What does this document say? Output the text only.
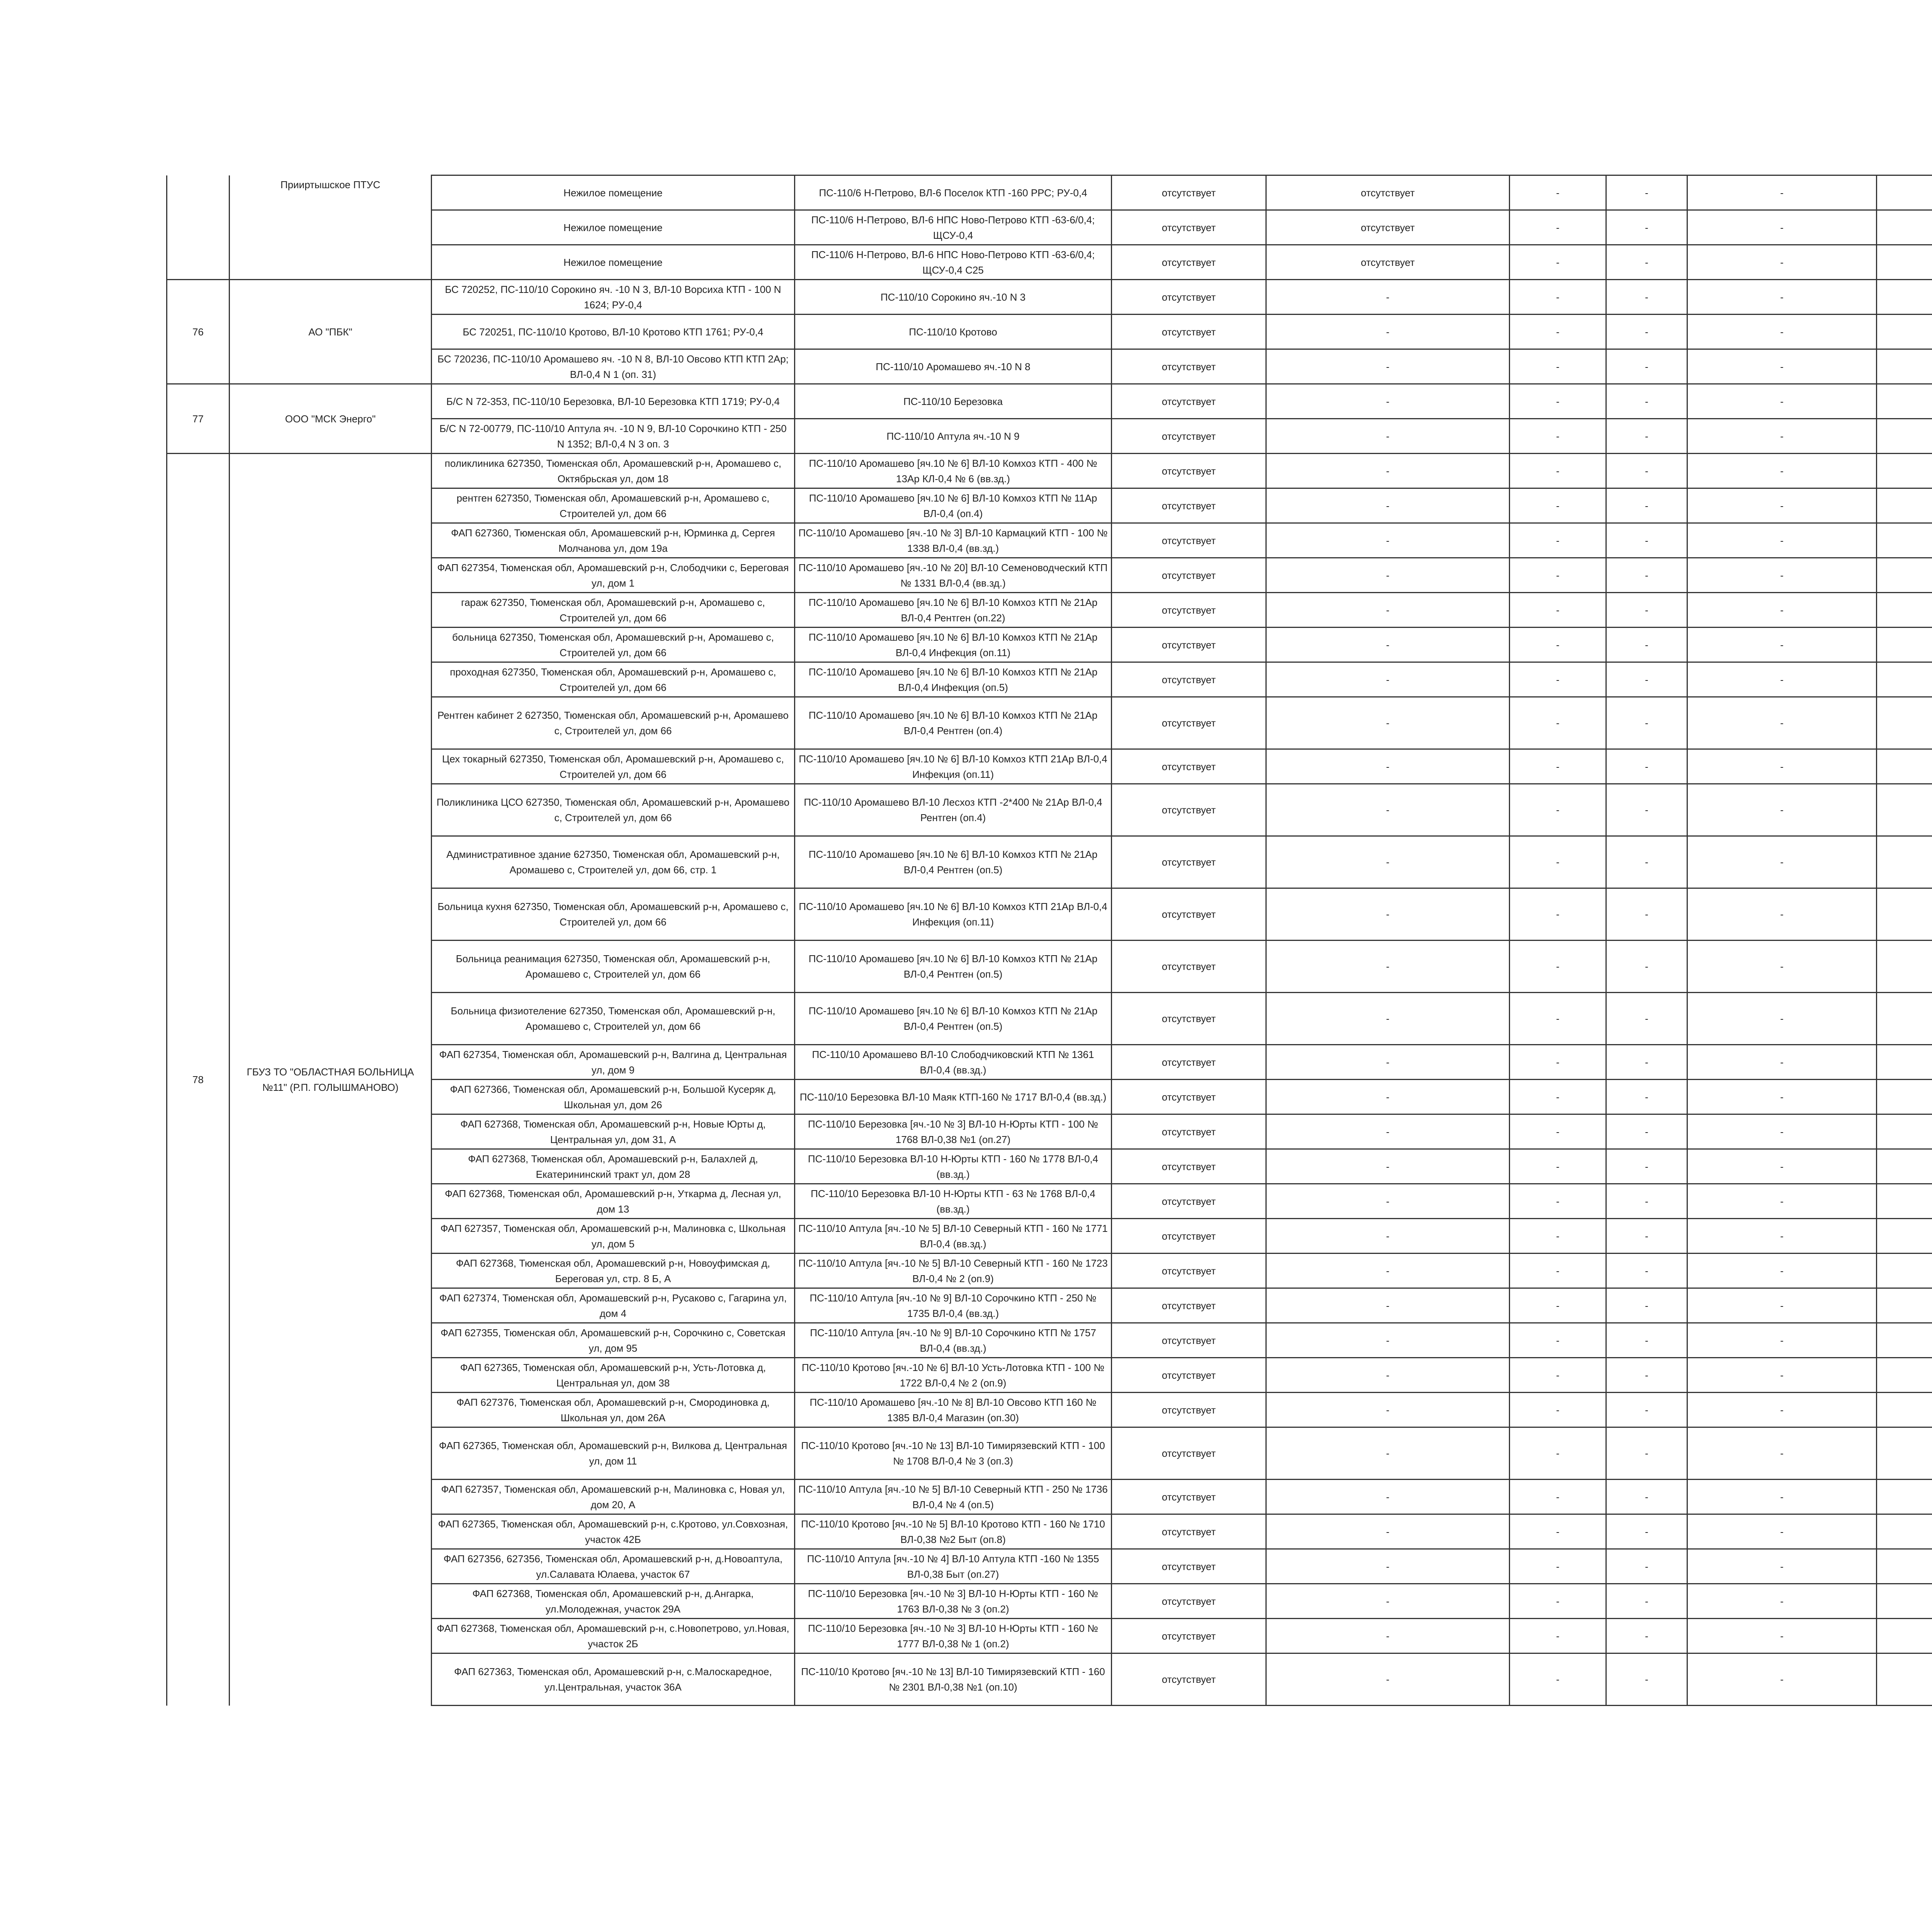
	Прииртышское ПТУС	Нежилое помещение	ПС-110/6 Н-Петрово, ВЛ-6 Поселок КТП -160 РРС; РУ-0,4	отсутствует	отсутствует	-	-	-		
		Нежилое помещение	ПС-110/6 Н-Петрово, ВЛ-6 НПС Ново-Петрово КТП -63-6/0,4; ЩСУ-0,4	отсутствует	отсутствует	-	-	-		
		Нежилое помещение	ПС-110/6 Н-Петрово, ВЛ-6 НПС Ново-Петрово КТП -63-6/0,4; ЩСУ-0,4 С25	отсутствует	отсутствует	-	-	-		
76	АО "ПБК"	БС 720252, ПС-110/10 Сорокино яч. -10 N 3, ВЛ-10 Ворсиха КТП - 100 N 1624; РУ-0,4	ПС-110/10 Сорокино яч.-10 N 3	отсутствует	-	-	-	-		
		БС 720251, ПС-110/10 Кротово, ВЛ-10 Кротово КТП 1761; РУ-0,4	ПС-110/10 Кротово	отсутствует	-	-	-	-		
		БС 720236, ПС-110/10 Аромашево яч. -10 N 8, ВЛ-10 Овсово КТП КТП 2Ар; ВЛ-0,4 N 1 (оп. 31)	ПС-110/10 Аромашево яч.-10 N 8	отсутствует	-	-	-	-		
77	ООО "МСК Энерго"	Б/С N 72-353, ПС-110/10 Березовка, ВЛ-10 Березовка КТП 1719; РУ-0,4	ПС-110/10 Березовка	отсутствует	-	-	-	-		
		Б/С N 72-00779, ПС-110/10 Аптула яч. -10 N 9, ВЛ-10 Сорочкино КТП - 250 N 1352; ВЛ-0,4 N 3 оп. 3	ПС-110/10 Аптула яч.-10 N 9	отсутствует	-	-	-	-		
78	ГБУЗ ТО "ОБЛАСТНАЯ БОЛЬНИЦА №11" (Р.П. ГОЛЫШМАНОВО)	поликлиника 627350, Тюменская обл, Аромашевский р-н, Аромашево с, Октябрьская ул, дом 18	ПС-110/10 Аромашево [яч.10 № 6] ВЛ-10 Комхоз КТП - 400 № 13Ар КЛ-0,4 № 6 (вв.зд.)	отсутствует	-	-	-	-		
		рентген 627350, Тюменская обл, Аромашевский р-н, Аромашево с, Строителей ул, дом 66	ПС-110/10 Аромашево [яч.10 № 6] ВЛ-10 Комхоз КТП № 11Ар ВЛ-0,4 (оп.4)	отсутствует	-	-	-	-		
		ФАП 627360, Тюменская обл, Аромашевский р-н, Юрминка д, Сергея Молчанова ул, дом 19а	ПС-110/10 Аромашево [яч.-10 № 3] ВЛ-10 Кармацкий КТП - 100 № 1338 ВЛ-0,4 (вв.зд.)	отсутствует	-	-	-	-		
		ФАП 627354, Тюменская обл, Аромашевский р-н, Слободчики с, Береговая ул, дом 1	ПС-110/10 Аромашево [яч.-10 № 20] ВЛ-10 Семеноводческий КТП № 1331 ВЛ-0,4 (вв.зд.)	отсутствует	-	-	-	-		
		гараж 627350, Тюменская обл, Аромашевский р-н, Аромашево с, Строителей ул, дом 66	ПС-110/10 Аромашево [яч.10 № 6] ВЛ-10 Комхоз КТП № 21Ар ВЛ-0,4 Рентген (оп.22)	отсутствует	-	-	-	-		
		больница 627350, Тюменская обл, Аромашевский р-н, Аромашево с, Строителей ул, дом 66	ПС-110/10 Аромашево [яч.10 № 6] ВЛ-10 Комхоз КТП № 21Ар ВЛ-0,4 Инфекция (оп.11)	отсутствует	-	-	-	-		
		проходная 627350, Тюменская обл, Аромашевский р-н, Аромашево с, Строителей ул, дом 66	ПС-110/10 Аромашево [яч.10 № 6] ВЛ-10 Комхоз КТП № 21Ар ВЛ-0,4 Инфекция (оп.5)	отсутствует	-	-	-	-		
		Рентген кабинет 2 627350, Тюменская обл, Аромашевский р-н, Аромашево с, Строителей ул, дом 66	ПС-110/10 Аромашево [яч.10 № 6] ВЛ-10 Комхоз КТП № 21Ар ВЛ-0,4 Рентген (оп.4)	отсутствует	-	-	-	-		
		Цех токарный 627350, Тюменская обл, Аромашевский р-н, Аромашево с, Строителей ул, дом 66	ПС-110/10 Аромашево [яч.10 № 6] ВЛ-10 Комхоз КТП 21Ар ВЛ-0,4 Инфекция (оп.11)	отсутствует	-	-	-	-		
		Поликлиника ЦСО 627350, Тюменская обл, Аромашевский р-н, Аромашево с, Строителей ул, дом 66	ПС-110/10 Аромашево ВЛ-10 Лесхоз КТП -2*400 № 21Ар ВЛ-0,4 Рентген (оп.4)	отсутствует	-	-	-	-		
		Административное здание 627350, Тюменская обл, Аромашевский р-н, Аромашево с, Строителей ул, дом 66, стр. 1	ПС-110/10 Аромашево [яч.10 № 6] ВЛ-10 Комхоз КТП № 21Ар ВЛ-0,4 Рентген (оп.5)	отсутствует	-	-	-	-		
		Больница кухня 627350, Тюменская обл, Аромашевский р-н, Аромашево с, Строителей ул, дом 66	ПС-110/10 Аромашево [яч.10 № 6] ВЛ-10 Комхоз КТП 21Ар ВЛ-0,4 Инфекция (оп.11)	отсутствует	-	-	-	-		
		Больница реанимация 627350, Тюменская обл, Аромашевский р-н, Аромашево с, Строителей ул, дом 66	ПС-110/10 Аромашево [яч.10 № 6] ВЛ-10 Комхоз КТП № 21Ар ВЛ-0,4 Рентген (оп.5)	отсутствует	-	-	-	-		
		Больница физиотеление 627350, Тюменская обл, Аромашевский р-н, Аромашево с, Строителей ул, дом 66	ПС-110/10 Аромашево [яч.10 № 6] ВЛ-10 Комхоз КТП № 21Ар ВЛ-0,4 Рентген (оп.5)	отсутствует	-	-	-	-		
		ФАП 627354, Тюменская обл, Аромашевский р-н, Валгина д, Центральная ул, дом 9	ПС-110/10 Аромашево ВЛ-10 Слободчиковский КТП № 1361 ВЛ-0,4 (вв.зд.)	отсутствует	-	-	-	-		
		ФАП 627366, Тюменская обл, Аромашевский р-н, Большой Кусеряк д, Школьная ул, дом 26	ПС-110/10 Березовка ВЛ-10 Маяк КТП-160 № 1717 ВЛ-0,4 (вв.зд.)	отсутствует	-	-	-	-		
		ФАП 627368, Тюменская обл, Аромашевский р-н, Новые Юрты д, Центральная ул, дом 31, А	ПС-110/10 Березовка [яч.-10 № 3] ВЛ-10 Н-Юрты КТП - 100 № 1768 ВЛ-0,38 №1 (оп.27)	отсутствует	-	-	-	-		
		ФАП 627368, Тюменская обл, Аромашевский р-н, Балахлей д, Екатерининский тракт ул, дом 28	ПС-110/10 Березовка ВЛ-10 Н-Юрты КТП - 160 № 1778 ВЛ-0,4 (вв.зд.)	отсутствует	-	-	-	-		
		ФАП 627368, Тюменская обл, Аромашевский р-н, Уткарма д, Лесная ул, дом 13	ПС-110/10 Березовка ВЛ-10 Н-Юрты КТП - 63 № 1768 ВЛ-0,4 (вв.зд.)	отсутствует	-	-	-	-		
		ФАП 627357, Тюменская обл, Аромашевский р-н, Малиновка с, Школьная ул, дом 5	ПС-110/10 Аптула [яч.-10 № 5] ВЛ-10 Северный КТП - 160 № 1771 ВЛ-0,4 (вв.зд.)	отсутствует	-	-	-	-		
		ФАП 627368, Тюменская обл, Аромашевский р-н, Новоуфимская д, Береговая ул, стр. 8 Б, А	ПС-110/10 Аптула [яч.-10 № 5] ВЛ-10 Северный КТП - 160 № 1723 ВЛ-0,4 № 2 (оп.9)	отсутствует	-	-	-	-		
		ФАП 627374, Тюменская обл, Аромашевский р-н, Русаково с, Гагарина ул, дом 4	ПС-110/10 Аптула [яч.-10 № 9] ВЛ-10 Сорочкино КТП - 250 № 1735 ВЛ-0,4 (вв.зд.)	отсутствует	-	-	-	-		
		ФАП 627355, Тюменская обл, Аромашевский р-н, Сорочкино с, Советская ул, дом 95	ПС-110/10 Аптула [яч.-10 № 9] ВЛ-10 Сорочкино КТП № 1757 ВЛ-0,4 (вв.зд.)	отсутствует	-	-	-	-		
		ФАП 627365, Тюменская обл, Аромашевский р-н, Усть-Лотовка д, Центральная ул, дом 38	ПС-110/10 Кротово [яч.-10 № 6] ВЛ-10 Усть-Лотовка КТП - 100 № 1722 ВЛ-0,4 № 2 (оп.9)	отсутствует	-	-	-	-		
		ФАП 627376, Тюменская обл, Аромашевский р-н, Смородиновка д, Школьная ул, дом 26А	ПС-110/10 Аромашево [яч.-10 № 8] ВЛ-10 Овсово КТП 160 № 1385 ВЛ-0,4 Магазин (оп.30)	отсутствует	-	-	-	-		
		ФАП 627365, Тюменская обл, Аромашевский р-н, Вилкова д, Центральная ул, дом 11	ПС-110/10 Кротово [яч.-10 № 13] ВЛ-10 Тимирязевский КТП - 100 № 1708 ВЛ-0,4 № 3 (оп.3)	отсутствует	-	-	-	-		
		ФАП 627357, Тюменская обл, Аромашевский р-н, Малиновка с, Новая ул, дом 20, А	ПС-110/10 Аптула [яч.-10 № 5] ВЛ-10 Северный КТП - 250 № 1736 ВЛ-0,4 № 4 (оп.5)	отсутствует	-	-	-	-		
		ФАП 627365, Тюменская обл, Аромашевский р-н, с.Кротово, ул.Совхозная, участок 42Б	ПС-110/10 Кротово [яч.-10 № 5] ВЛ-10 Кротово КТП - 160 № 1710 ВЛ-0,38 №2 Быт (оп.8)	отсутствует	-	-	-	-		
		ФАП 627356, 627356, Тюменская обл, Аромашевский р-н, д.Новоаптула, ул.Салавата Юлаева, участок 67	ПС-110/10 Аптула [яч.-10 № 4] ВЛ-10 Аптула КТП -160 № 1355 ВЛ-0,38 Быт (оп.27)	отсутствует	-	-	-	-		
		ФАП 627368, Тюменская обл, Аромашевский р-н, д.Ангарка, ул.Молодежная, участок 29А	ПС-110/10 Березовка [яч.-10 № 3] ВЛ-10 Н-Юрты КТП - 160 № 1763 ВЛ-0,38 № 3 (оп.2)	отсутствует	-	-	-	-		
		ФАП 627368, Тюменская обл, Аромашевский р-н, с.Новопетрово, ул.Новая, участок 2Б	ПС-110/10 Березовка [яч.-10 № 3] ВЛ-10 Н-Юрты КТП - 160 № 1777 ВЛ-0,38 № 1 (оп.2)	отсутствует	-	-	-	-		
		ФАП 627363, Тюменская обл, Аромашевский р-н, с.Малоскаредное, ул.Центральная, участок 36А	ПС-110/10 Кротово [яч.-10 № 13] ВЛ-10 Тимирязевский КТП - 160 № 2301 ВЛ-0,38 №1 (оп.10)	отсутствует	-	-	-	-		
